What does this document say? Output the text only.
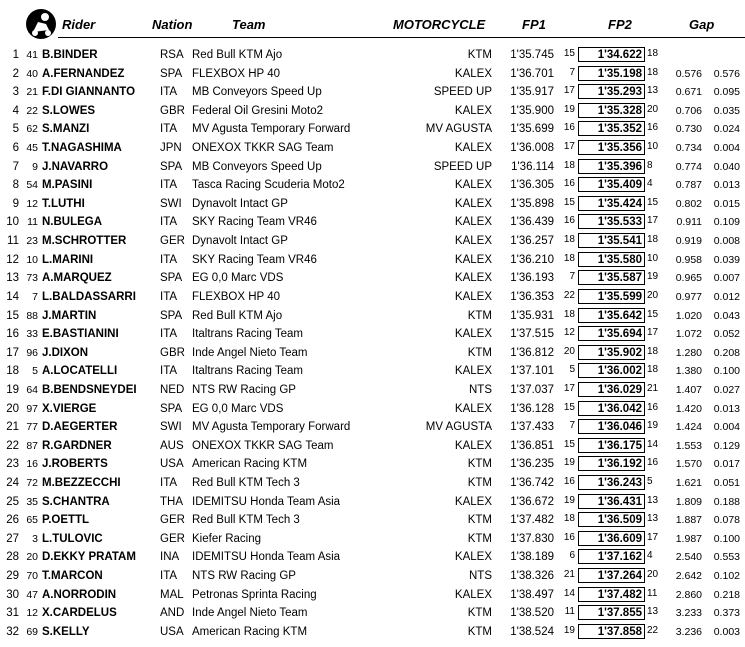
Rider	Nation	Team	MOTORCYCLE	FP1	FP2	Gap
1 41 B.BINDER	RSA Red Bull KTM Ajo	KTM	1'35.745 15	1'34.622 18
2 40 A.FERNANDEZ	SPA FLEXBOX HP 40	KALEX	1'36.701	7	1'35.198 18	0.576	0.576
3 21 F.DI GIANNANTO	ITA MB Conveyors Speed Up	SPEED UP	1'35.917 17	1'35.293 13	0.671	0.095
4 22 S.LOWES	GBR Federal Oil Gresini Moto2	KALEX	1'35.900 19	1'35.328 20	0.706	0.035
5 62 S.MANZI	ITA MV Agusta Temporary Forward	MV AGUSTA	1'35.699 16	1'35.352 16	0.730	0.024
6 45 T.NAGASHIMA	JPN ONEXOX TKKR SAG Team	KALEX	1'36.008 17	1'35.356 10	0.734	0.004
7	9 J.NAVARRO	SPA MB Conveyors Speed Up	SPEED UP	1'36.114 18	1'35.396 8	0.774	0.040
8 54 M.PASINI	ITA Tasca Racing Scuderia Moto2	KALEX	1'36.305 16	1'35.409 4	0.787	0.013
9 12 T.LUTHI	SWI Dynavolt Intact GP	KALEX	1'35.898 15	1'35.424 15	0.802	0.015
10 11 N.BULEGA	ITA SKY Racing Team VR46	KALEX	1'36.439 16	1'35.533 17	0.911	0.109
11 23 M.SCHROTTER	GER Dynavolt Intact GP	KALEX	1'36.257 18	1'35.541 18	0.919	0.008
12 10 L.MARINI	ITA SKY Racing Team VR46	KALEX	1'36.210 18	1'35.580 10	0.958	0.039
13 73 A.MARQUEZ	SPA EG 0,0 Marc VDS	KALEX	1'36.193	7	1'35.587 19	0.965	0.007
14	7 L.BALDASSARRI	ITA FLEXBOX HP 40	KALEX	1'36.353 22	1'35.599 20	0.977	0.012
15 88 J.MARTIN	SPA Red Bull KTM Ajo	KTM	1'35.931 18	1'35.642 15	1.020	0.043
16 33 E.BASTIANINI	ITA Italtrans Racing Team	KALEX	1'37.515 12	1'35.694 17	1.072	0.052
17 96 J.DIXON	GBR Inde Angel Nieto Team	KTM	1'36.812 20	1'35.902 18	1.280	0.208
18	5 A.LOCATELLI	ITA Italtrans Racing Team	KALEX	1'37.101	5	1'36.002 18	1.380	0.100
19 64 B.BENDSNEYDEI	NED NTS RW Racing GP	NTS	1'37.037 17	1'36.029 21	1.407	0.027
20 97 X.VIERGE	SPA EG 0,0 Marc VDS	KALEX	1'36.128 15	1'36.042 16	1.420	0.013
21 77 D.AEGERTER	SWI MV Agusta Temporary Forward	MV AGUSTA	1'37.433	7	1'36.046 19	1.424	0.004
22 87 R.GARDNER	AUS ONEXOX TKKR SAG Team	KALEX	1'36.851 15	1'36.175 14	1.553	0.129
23 16 J.ROBERTS	USA American Racing KTM	KTM	1'36.235 19	1'36.192 16	1.570	0.017
24 72 M.BEZZECCHI	ITA Red Bull KTM Tech 3	KTM	1'36.742 16	1'36.243 5	1.621	0.051
25 35 S.CHANTRA	THA IDEMITSU Honda Team Asia	KALEX	1'36.672 19	1'36.431 13	1.809	0.188
26 65 P.OETTL	GER Red Bull KTM Tech 3	KTM	1'37.482 18	1'36.509 13	1.887	0.078
27	3 L.TULOVIC	GER Kiefer Racing	KTM	1'37.830 16	1'36.609 17	1.987	0.100
28 20 D.EKKY PRATAM	INA IDEMITSU Honda Team Asia	KALEX	1'38.189	6	1'37.162 4	2.540	0.553
29 70 T.MARCON	ITA NTS RW Racing GP	NTS	1'38.326 21	1'37.264 20	2.642	0.102
30 47 A.NORRODIN	MAL Petronas Sprinta Racing	KALEX	1'38.497 14	1'37.482 11	2.860	0.218
31 12 X.CARDELUS	AND Inde Angel Nieto Team	KTM	1'38.520	11	1'37.855 13	3.233	0.373
32 69 S.KELLY	USA American Racing KTM	KTM	1'38.524 19	1'37.858 22	3.236	0.003
